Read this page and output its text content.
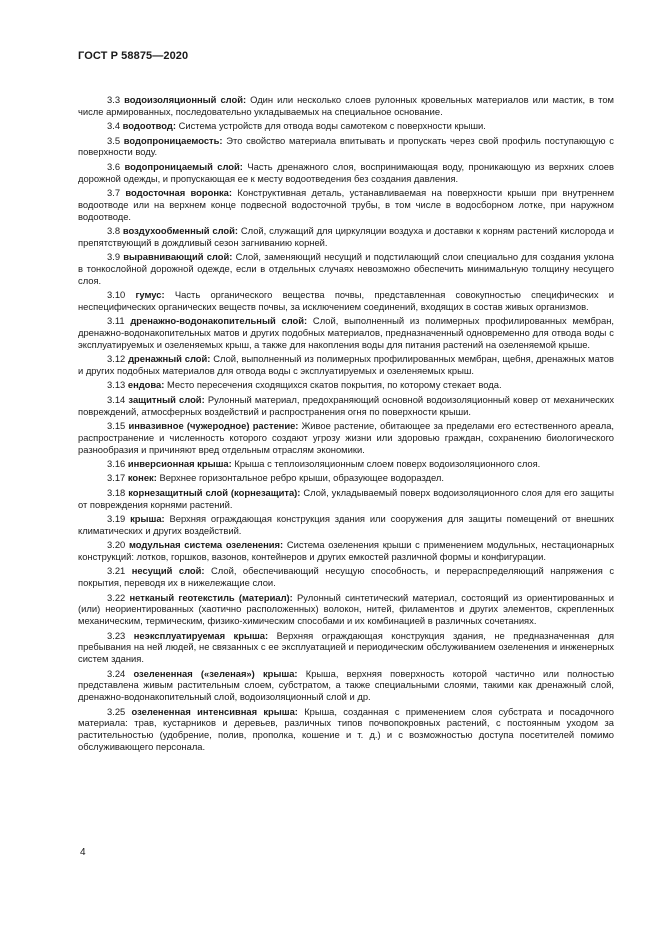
ГОСТ Р 58875—2020

3.3 водоизоляционный слой: Один или несколько слоев рулонных кровельных материалов или мастик, в том числе армированных, последовательно укладываемых на специальное основание.

3.4 водоотвод: Система устройств для отвода воды самотеком с поверхности крыши.

3.5 водопроницаемость: Это свойство материала впитывать и пропускать через свой профиль поступающую с поверхности воду.

3.6 водопроницаемый слой: Часть дренажного слоя, воспринимающая воду, проникающую из верхних слоев дорожной одежды, и пропускающая ее к месту водоотведения без создания давления.

3.7 водосточная воронка: Конструктивная деталь, устанавливаемая на поверхности крыши при внутреннем водоотводе или на верхнем конце подвесной водосточной трубы, в том числе в водосборном лотке, при наружном водоотводе.

3.8 воздухообменный слой: Слой, служащий для циркуляции воздуха и доставки к корням растений кислорода и препятствующий в дождливый сезон загниванию корней.

3.9 выравнивающий слой: Слой, заменяющий несущий и подстилающий слои специально для создания уклона в тонкослойной дорожной одежде, если в отдельных случаях невозможно обеспечить минимальную толщину несущего слоя.

3.10 гумус: Часть органического вещества почвы, представленная совокупностью специфических и неспецифических органических веществ почвы, за исключением соединений, входящих в состав живых организмов.

3.11 дренажно-водонакопительный слой: Слой, выполненный из полимерных профилированных мембран, дренажно-водонакопительных матов и других подобных материалов, предназначенный одновременно для отвода воды с эксплуатируемых и озеленяемых крыш, а также для накопления воды для питания растений на озеленяемой крыше.

3.12 дренажный слой: Слой, выполненный из полимерных профилированных мембран, щебня, дренажных матов и других подобных материалов для отвода воды с эксплуатируемых и озеленяемых крыш.

3.13 ендова: Место пересечения сходящихся скатов покрытия, по которому стекает вода.

3.14 защитный слой: Рулонный материал, предохраняющий основной водоизоляционный ковер от механических повреждений, атмосферных воздействий и распространения огня по поверхности крыши.

3.15 инвазивное (чужеродное) растение: Живое растение, обитающее за пределами его естественного ареала, распространение и численность которого создают угрозу жизни или здоровью граждан, сохранению биологического разнообразия и причиняют вред отдельным отраслям экономики.

3.16 инверсионная крыша: Крыша с теплоизоляционным слоем поверх водоизоляционного слоя.

3.17 конек: Верхнее горизонтальное ребро крыши, образующее водораздел.

3.18 корнезащитный слой (корнезащита): Слой, укладываемый поверх водоизоляционного слоя для его защиты от повреждения корнями растений.

3.19 крыша: Верхняя ограждающая конструкция здания или сооружения для защиты помещений от внешних климатических и других воздействий.

3.20 модульная система озеленения: Система озеленения крыши с применением модульных, нестационарных конструкций: лотков, горшков, вазонов, контейнеров и других емкостей различной формы и конфигурации.

3.21 несущий слой: Слой, обеспечивающий несущую способность, и перераспределяющий напряжения с покрытия, переводя их в нижележащие слои.

3.22 нетканый геотекстиль (материал): Рулонный синтетический материал, состоящий из ориентированных и (или) неориентированных (хаотично расположенных) волокон, нитей, филаментов и других элементов, скрепленных механическим, термическим, физико-химическим способами и их комбинацией в различных сочетаниях.

3.23 неэксплуатируемая крыша: Верхняя ограждающая конструкция здания, не предназначенная для пребывания на ней людей, не связанных с ее эксплуатацией и периодическим обслуживанием озеленения и инженерных систем здания.

3.24 озелененная («зеленая») крыша: Крыша, верхняя поверхность которой частично или полностью представлена живым растительным слоем, субстратом, а также специальными слоями, такими как дренажный слой, дренажно-водонакопительный слой, водоизоляционный слой и др.

3.25 озелененная интенсивная крыша: Крыша, созданная с применением слоя субстрата и посадочного материала: трав, кустарников и деревьев, различных типов почвопокровных растений, с постоянным уходом за растительностью (удобрение, полив, прополка, кошение и т. д.) и с возможностью доступа посетителей помимо обслуживающего персонала.

4
